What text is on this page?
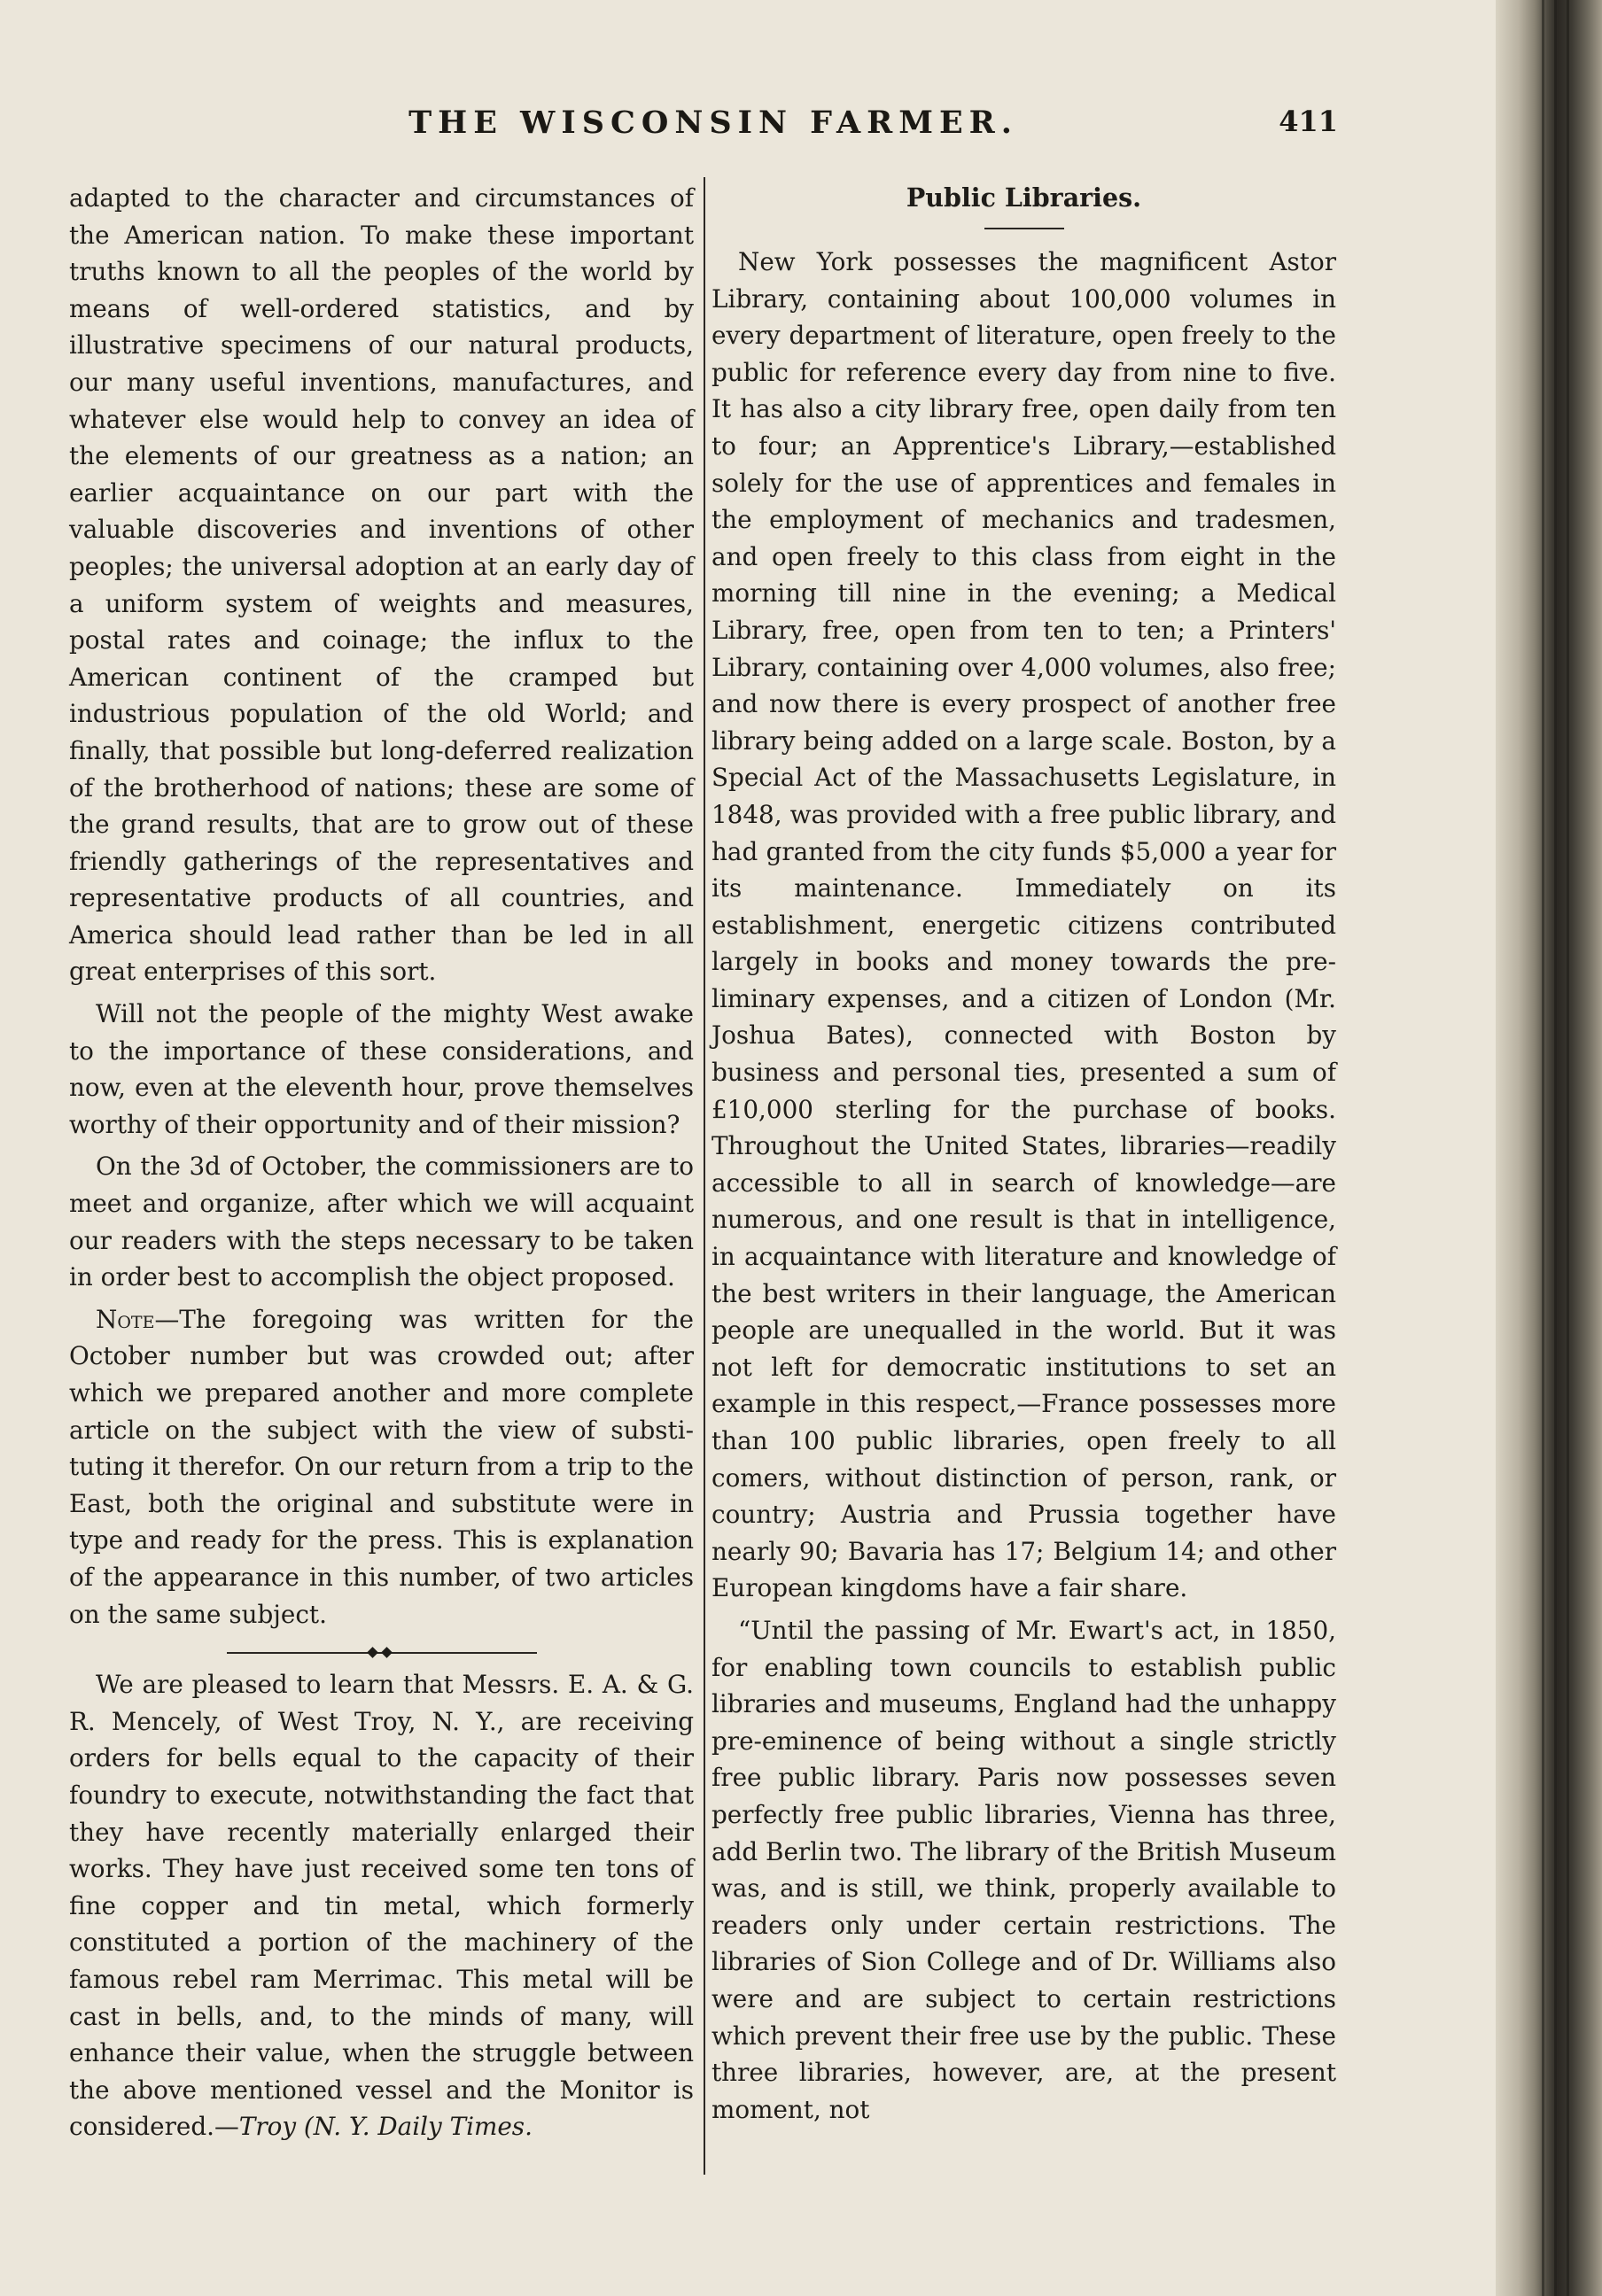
THE WISCONSIN FARMER.	411

adapted to the character and circumstances of the American nation. To make these important truths known to all the peoples of the world by means of well-ordered statistics, and by illustrative specimens of our natural products, our many useful inventions, manufactures, and whatever else would help to convey an idea of the elements of our greatness as a nation; an earlier acquaintance on our part with the valuable discoveries and inventions of other peoples; the universal adoption at an early day of a uniform system of weights and measures, postal rates and coinage; the influx to the American continent of the cramped but industrious population of the old World; and finally, that possible but long-deferred realization of the brotherhood of nations; these are some of the grand results, that are to grow out of these friendly gatherings of the representatives and representative products of all countries, and America should lead rather than be led in all great enterprises of this sort.

Will not the people of the mighty West awake to the importance of these considerations, and now, even at the eleventh hour, prove themselves worthy of their opportunity and of their mission?

On the 3d of October, the commissioners are to meet and organize, after which we will acquaint our readers with the steps necessary to be taken in order best to accomplish the object proposed.

Note—The foregoing was written for the October number but was crowded out; after which we prepared another and more complete article on the subject with the view of substituting it therefor. On our return from a trip to the East, both the original and substitute were in type and ready for the press. This is explanation of the appearance in this number, of two articles on the same subject.

We are pleased to learn that Messrs. E. A. & G. R. Mencely, of West Troy, N. Y., are receiving orders for bells equal to the capacity of their foundry to execute, notwithstanding the fact that they have recently materially enlarged their works. They have just received some ten tons of fine copper and tin metal, which formerly constituted a portion of the machinery of the famous rebel ram Merrimac. This metal will be cast in bells, and, to the minds of many, will enhance their value, when the struggle between the above mentioned vessel and the Monitor is considered.—Troy (N. Y. Daily Times.

Public Libraries.

New York possesses the magnificent Astor Library, containing about 100,000 volumes in every department of literature, open freely to the public for reference every day from nine to five. It has also a city library free, open daily from ten to four; an Apprentice's Library,—established solely for the use of apprentices and females in the employment of mechanics and tradesmen, and open freely to this class from eight in the morning till nine in the evening; a Medical Library, free, open from ten to ten; a Printers' Library, containing over 4,000 volumes, also free; and now there is every prospect of another free library being added on a large scale. Boston, by a Special Act of the Massachusetts Legislature, in 1848, was provided with a free public library, and had granted from the city funds $5,000 a year for its maintenance. Immediately on its establishment, energetic citizens contributed largely in books and money towards the preliminary expenses, and a citizen of London (Mr. Joshua Bates), connected with Boston by business and personal ties, presented a sum of £10,000 sterling for the purchase of books. Throughout the United States, libraries—readily accessible to all in search of knowledge—are numerous, and one result is that in intelligence, in acquaintance with literature and knowledge of the best writers in their language, the American people are unequalled in the world. But it was not left for democratic institutions to set an example in this respect,—France possesses more than 100 public libraries, open freely to all comers, without distinction of person, rank, or country; Austria and Prussia together have nearly 90; Bavaria has 17; Belgium 14; and other European kingdoms have a fair share.

“Until the passing of Mr. Ewart's act, in 1850, for enabling town councils to establish public libraries and museums, England had the unhappy pre-eminence of being without a single strictly free public library. Paris now possesses seven perfectly free public libraries, Vienna has three, add Berlin two. The library of the British Museum was, and is still, we think, properly available to readers only under certain restrictions. The libraries of Sion College and of Dr. Williams also were and are subject to certain restrictions which prevent their free use by the public. These three libraries, however, are, at the present moment, not
